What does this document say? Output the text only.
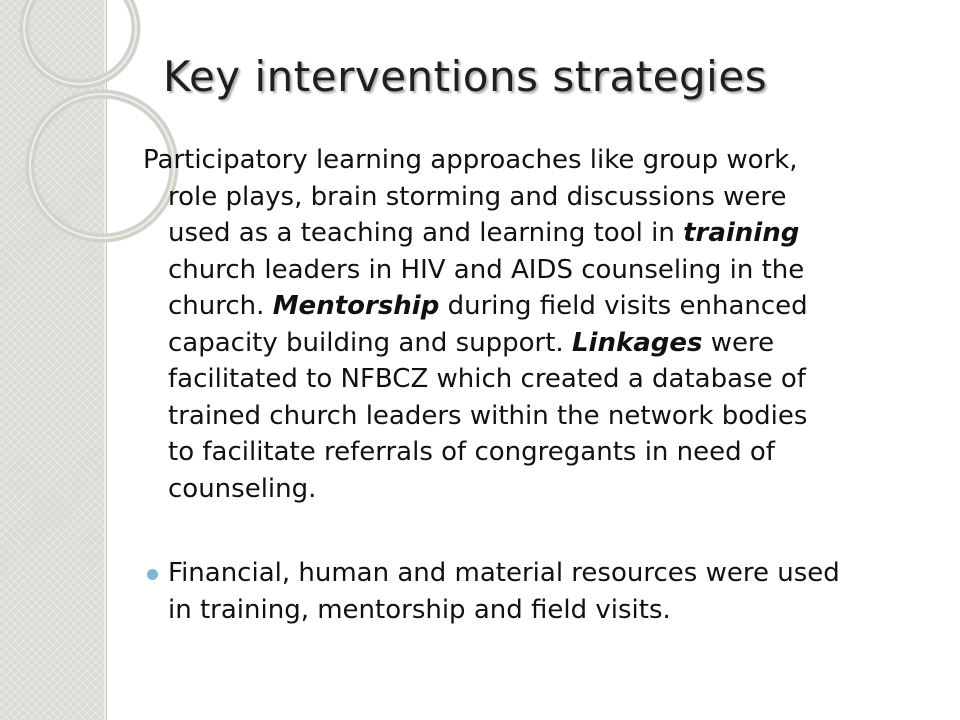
Key interventions strategies
Participatory learning approaches like group work,
role plays, brain storming and discussions were
used as a teaching and learning tool in training
church leaders in HIV and AIDS counseling in the
church. Mentorship during field visits enhanced
capacity building and support. Linkages were
facilitated to NFBCZ which created a database of
trained church leaders within the network bodies
to facilitate referrals of congregants in need of
counseling.
Financial, human and material resources were used
in training, mentorship and field visits.
